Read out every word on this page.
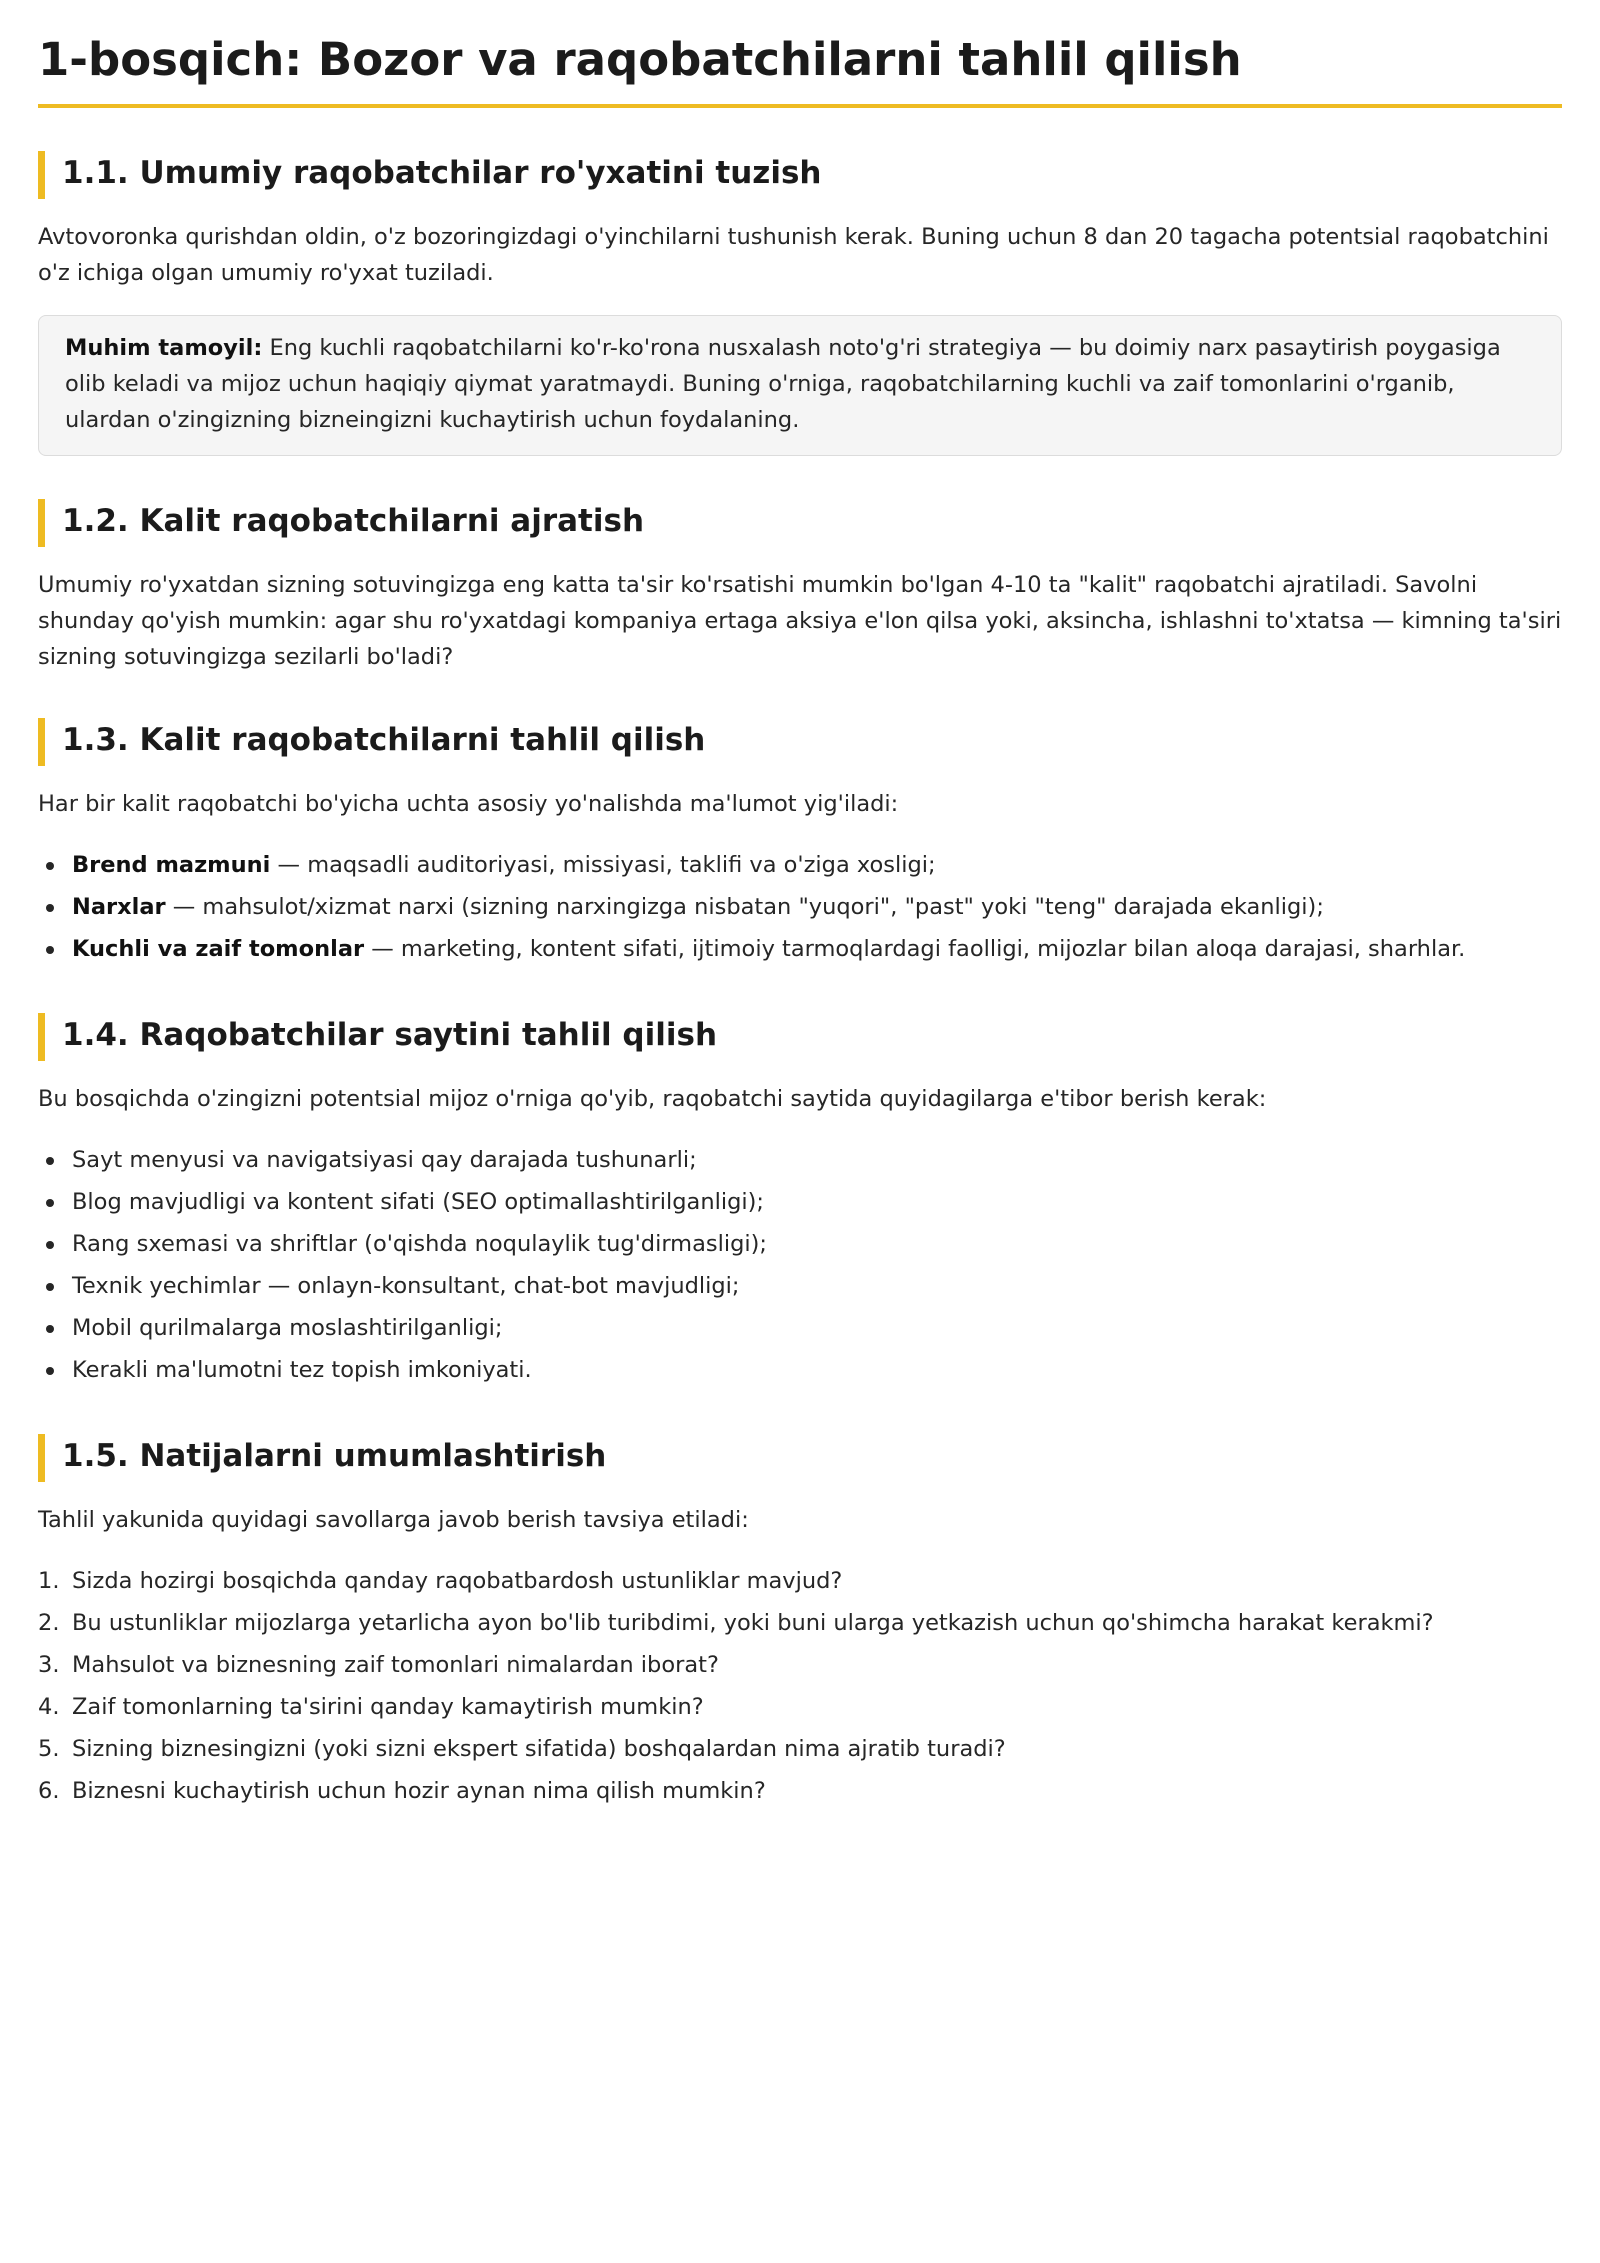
1-bosqich: Bozor va raqobatchilarni tahlil qilish
1.1. Umumiy raqobatchilar ro'yxatini tuzish

Avtovoronka qurishdan oldin, o'z bozoringizdagi o'yinchilarni tushunish kerak. Buning uchun 8 dan 20 tagacha potentsial raqobatchini o'z ichiga olgan umumiy ro'yxat tuziladi.

Muhim tamoyil: Eng kuchli raqobatchilarni ko'r-ko'rona nusxalash noto'g'ri strategiya — bu doimiy narx pasaytirish poygasiga olib keladi va mijoz uchun haqiqiy qiymat yaratmaydi. Buning o'rniga, raqobatchilarning kuchli va zaif tomonlarini o'rganib, ulardan o'zingizning bizneingizni kuchaytirish uchun foydalaning.
1.2. Kalit raqobatchilarni ajratish

Umumiy ro'yxatdan sizning sotuvingizga eng katta ta'sir ko'rsatishi mumkin bo'lgan 4-10 ta "kalit" raqobatchi ajratiladi. Savolni shunday qo'yish mumkin: agar shu ro'yxatdagi kompaniya ertaga aksiya e'lon qilsa yoki, aksincha, ishlashni to'xtatsa — kimning ta'siri sizning sotuvingizga sezilarli bo'ladi?

1.3. Kalit raqobatchilarni tahlil qilish

Har bir kalit raqobatchi bo'yicha uchta asosiy yo'nalishda ma'lumot yig'iladi:

Brend mazmuni — maqsadli auditoriyasi, missiyasi, taklifi va o'ziga xosligi;
Narxlar — mahsulot/xizmat narxi (sizning narxingizga nisbatan "yuqori", "past" yoki "teng" darajada ekanligi);
Kuchli va zaif tomonlar — marketing, kontent sifati, ijtimoiy tarmoqlardagi faolligi, mijozlar bilan aloqa darajasi, sharhlar.
1.4. Raqobatchilar saytini tahlil qilish

Bu bosqichda o'zingizni potentsial mijoz o'rniga qo'yib, raqobatchi saytida quyidagilarga e'tibor berish kerak:

Sayt menyusi va navigatsiyasi qay darajada tushunarli;
Blog mavjudligi va kontent sifati (SEO optimallashtirilganligi);
Rang sxemasi va shriftlar (o'qishda noqulaylik tug'dirmasligi);
Texnik yechimlar — onlayn-konsultant, chat-bot mavjudligi;
Mobil qurilmalarga moslashtirilganligi;
Kerakli ma'lumotni tez topish imkoniyati.
1.5. Natijalarni umumlashtirish

Tahlil yakunida quyidagi savollarga javob berish tavsiya etiladi:

1. Sizda hozirgi bosqichda qanday raqobatbardosh ustunliklar mavjud?
2. Bu ustunliklar mijozlarga yetarlicha ayon bo'lib turibdimi, yoki buni ularga yetkazish uchun qo'shimcha harakat kerakmi?
3. Mahsulot va biznesning zaif tomonlari nimalardan iborat?
4. Zaif tomonlarning ta'sirini qanday kamaytirish mumkin?
5. Sizning biznesingizni (yoki sizni ekspert sifatida) boshqalardan nima ajratib turadi?
6. Biznesni kuchaytirish uchun hozir aynan nima qilish mumkin?
